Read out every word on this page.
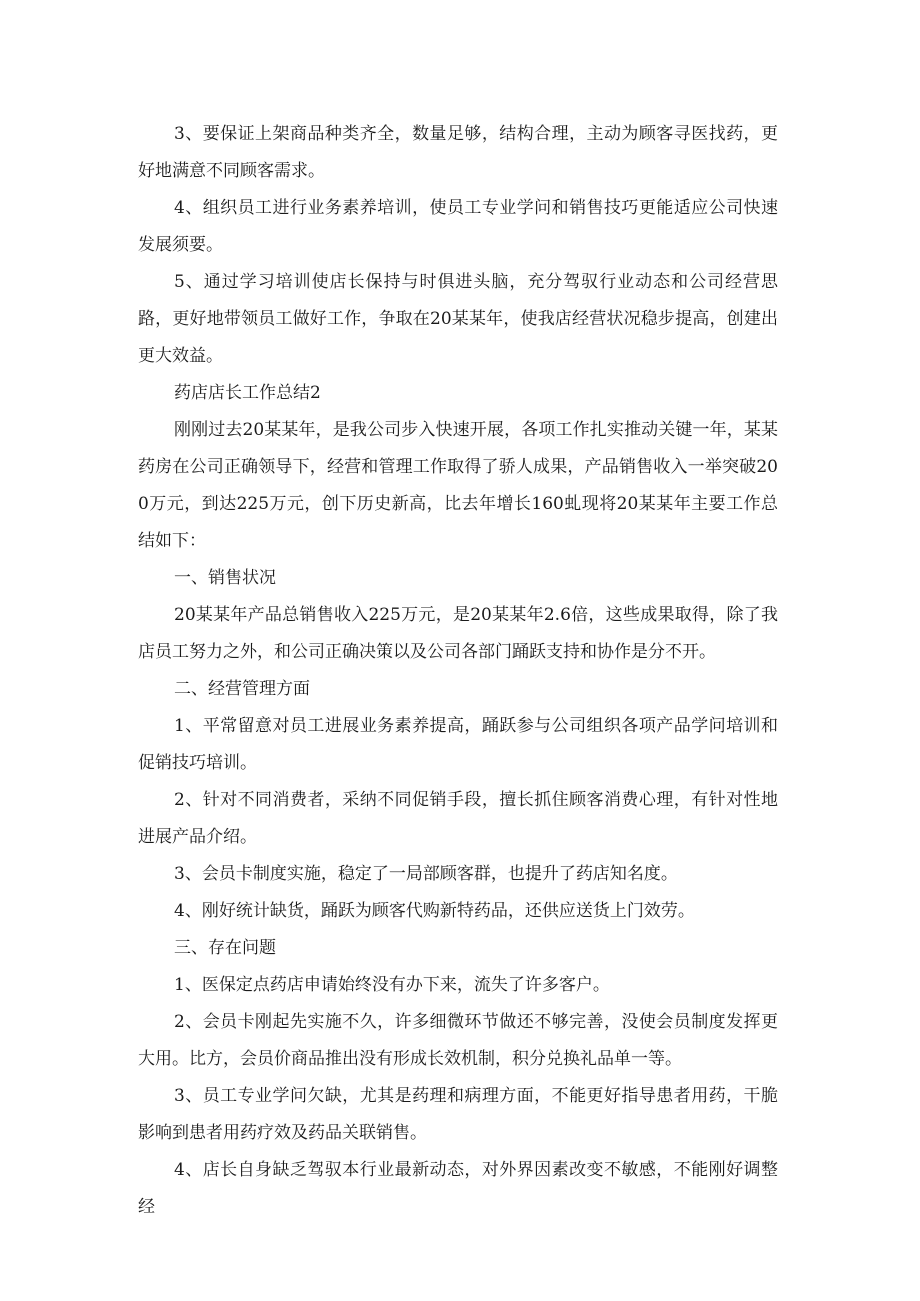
3、要保证上架商品种类齐全，数量足够，结构合理，主动为顾客寻医找药，更好地满意不同顾客需求。

4、组织员工进行业务素养培训，使员工专业学问和销售技巧更能适应公司快速发展须要。

5、通过学习培训使店长保持与时俱进头脑，充分驾驭行业动态和公司经营思路，更好地带领员工做好工作，争取在20某某年，使我店经营状况稳步提高，创建出更大效益。

药店店长工作总结2

刚刚过去20某某年，是我公司步入快速开展，各项工作扎实推动关键一年，某某药房在公司正确领导下，经营和管理工作取得了骄人成果，产品销售收入一举突破200万元，到达225万元，创下历史新高，比去年增长160虬现将20某某年主要工作总结如下：

一、销售状况

20某某年产品总销售收入225万元，是20某某年2.6倍，这些成果取得，除了我店员工努力之外，和公司正确决策以及公司各部门踊跃支持和协作是分不开。

二、经营管理方面

1、平常留意对员工进展业务素养提高，踊跃参与公司组织各项产品学问培训和促销技巧培训。

2、针对不同消费者，采纳不同促销手段，擅长抓住顾客消费心理，有针对性地进展产品介绍。

3、会员卡制度实施，稳定了一局部顾客群，也提升了药店知名度。

4、刚好统计缺货，踊跃为顾客代购新特药品，还供应送货上门效劳。

三、存在问题

1、医保定点药店申请始终没有办下来，流失了许多客户。

2、会员卡刚起先实施不久，许多细微环节做还不够完善，没使会员制度发挥更大用。比方，会员价商品推出没有形成长效机制，积分兑换礼品单一等。

3、员工专业学问欠缺，尤其是药理和病理方面，不能更好指导患者用药，干脆影响到患者用药疗效及药品关联销售。

4、店长自身缺乏驾驭本行业最新动态，对外界因素改变不敏感，不能刚好调整经
